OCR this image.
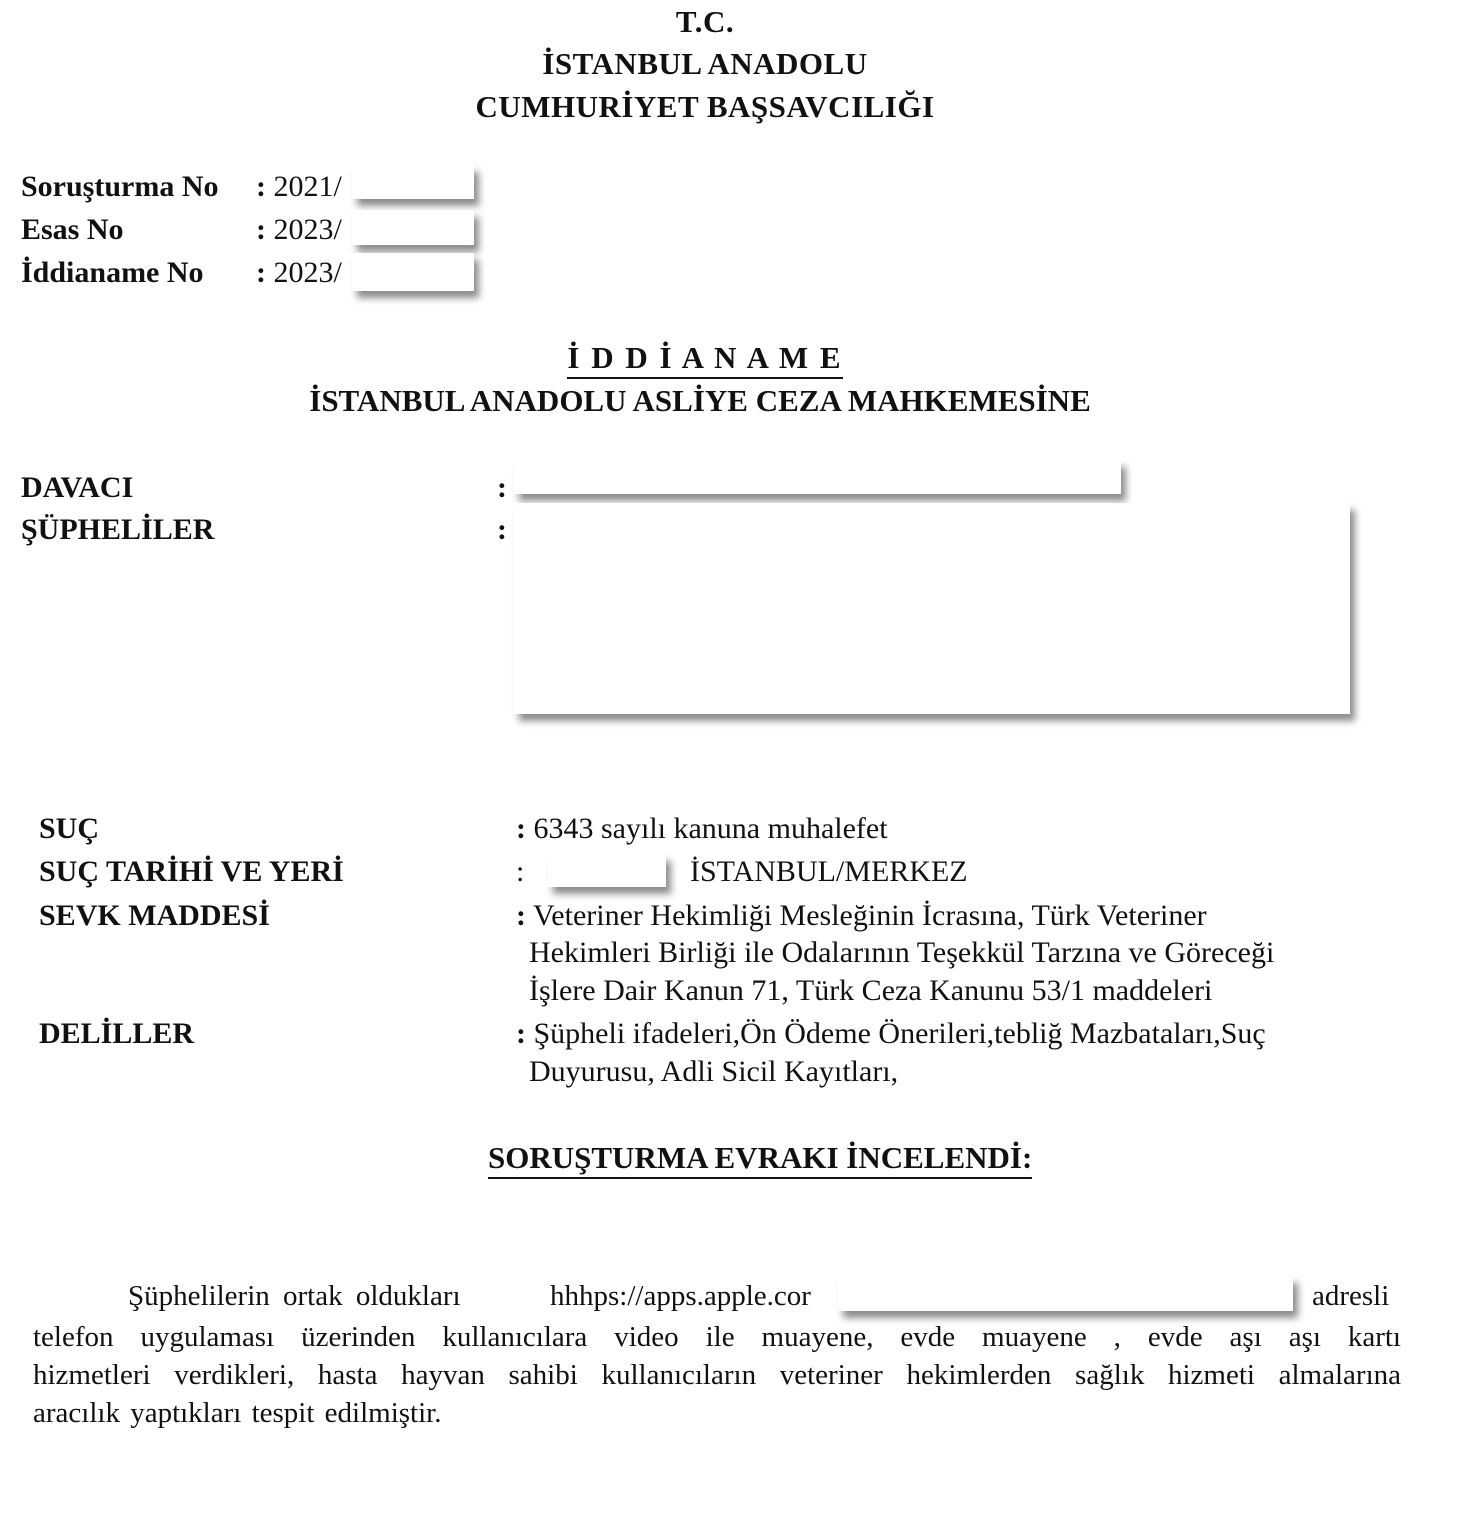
T.C.
İSTANBUL ANADOLU
CUMHURİYET BAŞSAVCILIĞI
Soruşturma No : 2021/
Esas No	: 2023/
İddianame No : 2023/
İ D D İ A N A M E
İSTANBUL ANADOLU ASLİYE CEZA MAHKEMESİNE
DAVACI	:
ŞÜPHELİLER	:
SUÇ	: 6343 sayılı kanuna muhalefet
SUÇ TARİHİ VE YERİ	:	İSTANBUL/MERKEZ
SEVK MADDESİ	: Veteriner Hekimliği Mesleğinin İcrasına, Türk Veteriner
Hekimleri Birliği ile Odalarının Teşekkül Tarzına ve Göreceği
İşlere Dair Kanun 71, Türk Ceza Kanunu 53/1 maddeleri
DELİLLER	: Şüpheli ifadeleri,Ön Ödeme Önerileri,tebliğ Mazbataları,Suç
Duyurusu, Adli Sicil Kayıtları,
SORUŞTURMA EVRAKI İNCELENDİ:
Şüphelilerin ortak oldukları	hhhps://apps.apple.cor	adresli
telefon uygulaması üzerinden kullanıcılara video ile muayene, evde muayene , evde aşı aşı kartı
hizmetleri verdikleri, hasta hayvan sahibi kullanıcıların veteriner hekimlerden sağlık hizmeti almalarına
aracılık yaptıkları tespit edilmiştir.
